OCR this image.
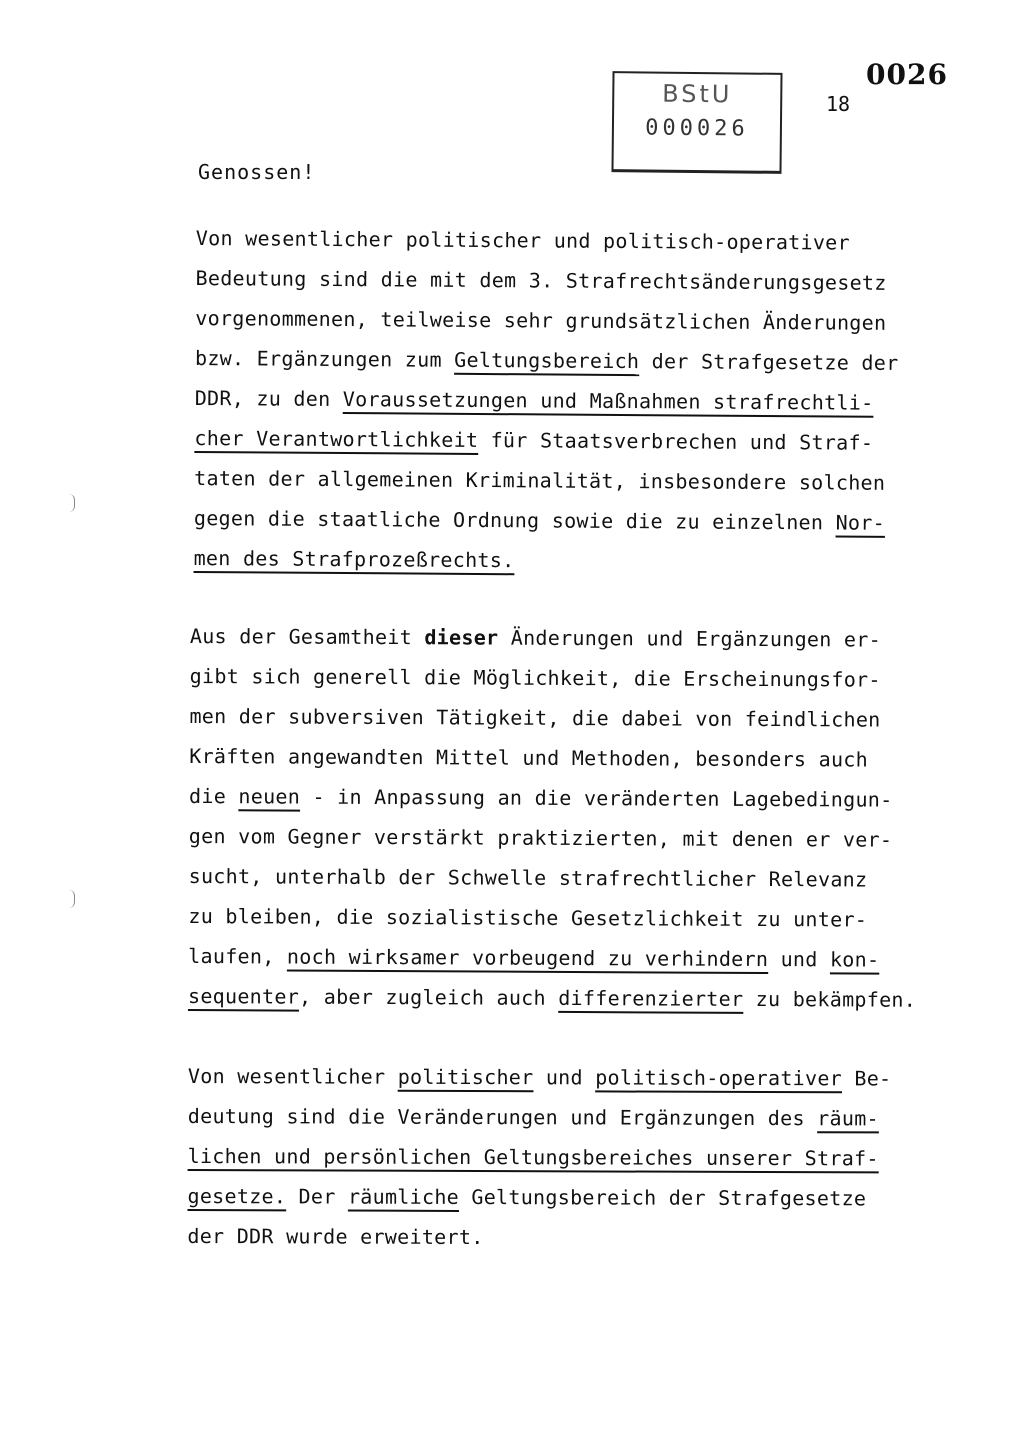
BStU
000026
18
0026
Genossen!
Von wesentlicher politischer und politisch-operativer
Bedeutung sind die mit dem 3. Strafrechtsänderungsgesetz
vorgenommenen, teilweise sehr grundsätzlichen Änderungen
bzw. Ergänzungen zum Geltungsbereich der Strafgesetze der
DDR, zu den Voraussetzungen und Maßnahmen strafrechtli-
cher Verantwortlichkeit für Staatsverbrechen und Straf-
taten der allgemeinen Kriminalität, insbesondere solchen
gegen die staatliche Ordnung sowie die zu einzelnen Nor-
men des Strafprozeßrechts.
Aus der Gesamtheit dieser Änderungen und Ergänzungen er-
gibt sich generell die Möglichkeit, die Erscheinungsfor-
men der subversiven Tätigkeit, die dabei von feindlichen
Kräften angewandten Mittel und Methoden, besonders auch
die neuen - in Anpassung an die veränderten Lagebedingun-
gen vom Gegner verstärkt praktizierten, mit denen er ver-
sucht, unterhalb der Schwelle strafrechtlicher Relevanz
zu bleiben, die sozialistische Gesetzlichkeit zu unter-
laufen, noch wirksamer vorbeugend zu verhindern und kon-
sequenter, aber zugleich auch differenzierter zu bekämpfen.
Von wesentlicher politischer und politisch-operativer Be-
deutung sind die Veränderungen und Ergänzungen des räum-
lichen und persönlichen Geltungsbereiches unserer Straf-
gesetze. Der räumliche Geltungsbereich der Strafgesetze
der DDR wurde erweitert.
